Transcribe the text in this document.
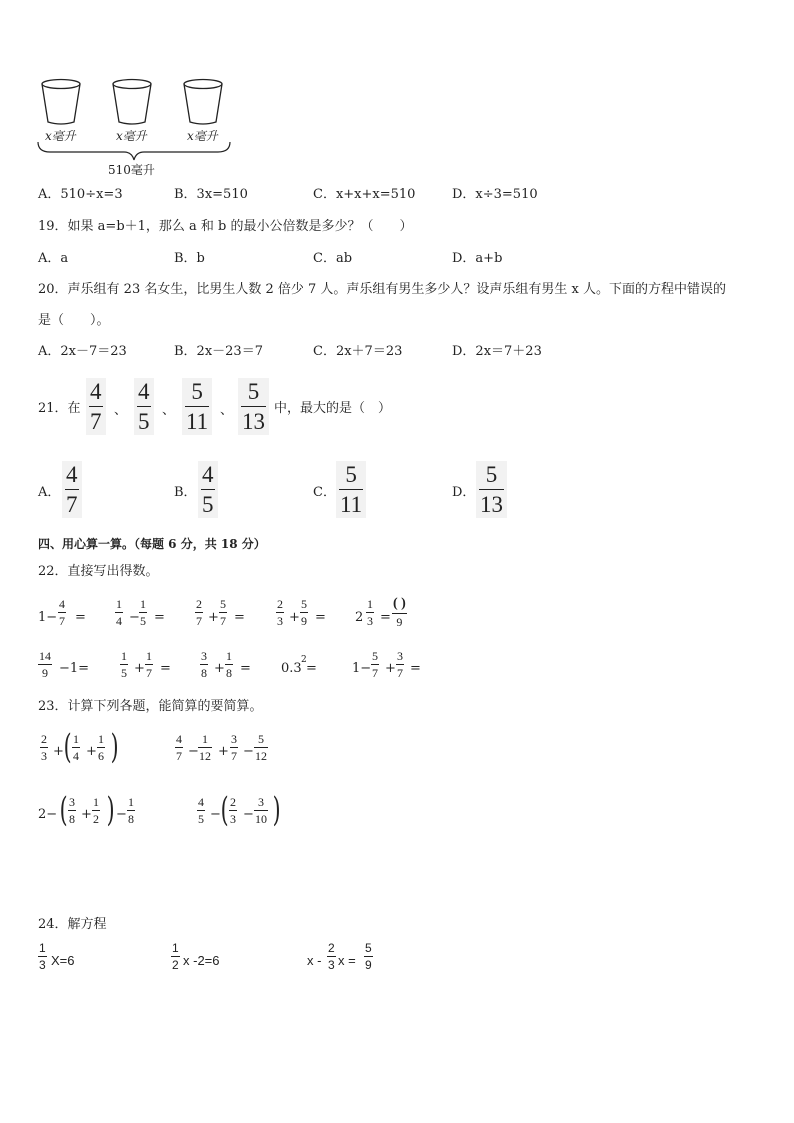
x毫升	x毫升	x毫升
510毫升
A．510÷x=3	B．3x=510	C．x+x+x=510	D．x÷3=510
19．如果 a=b＋1，那么 a 和 b 的最小公倍数是多少？（　　）
A．a	B．b	C．ab	D．a+b
20．声乐组有 23 名女生，比男生人数 2 倍少 7 人。声乐组有男生多少人？设声乐组有男生 x 人。下面的方程中错误的
是（　　）。
A．2x－7＝23	B．2x－23＝7	C．2x＋7＝23	D．2x＝7＋23
21．在
4
7 、
4
5 、
5
11 、
5
13
中，最大的是（　）
A．
4
7	B．
4
5	C．
5
11	D．
5
13
四、用心算一算。（每题 6 分，共 18 分）
22．直接写出得数。
1−
4
7 =
1
4 −
1
5 =
2
7 +
5
7 =
2
3 +
5
9 = 2
1
3 =
( )
9
14
9 −1=
1
5 +
1
7 =
3
8 +
1
8 = 0.3
2
=	1−
5
7 +
3
7 =
23．计算下列各题，能简算的要简算。
2
3 + ( 1
4 +
1
6 )	4
7 −
1
12 +
3
7 −
5
12
2− ( 3
8 +
1
2 ) −
1
8
4
5 − ( 2
3 −
3
10 )
24．解方程
1
3 X=6
1
2 x -2=6	x -
2
3 x =
5
9
